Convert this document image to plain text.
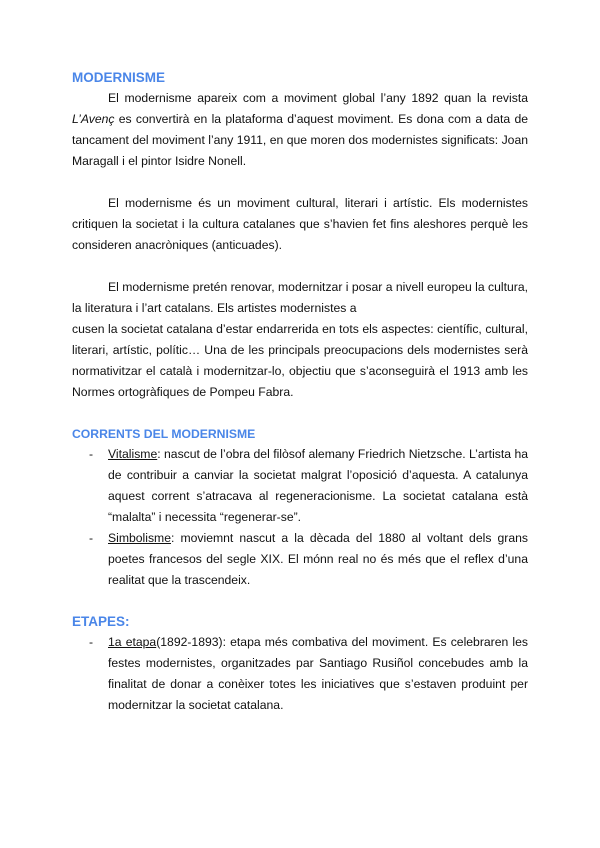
MODERNISME

El modernisme apareix com a moviment global l’any 1892 quan la revista L’Avenç es convertirà en la plataforma d’aquest moviment. Es dona com a data de tancament del moviment l’any 1911, en que moren dos modernistes significats: Joan Maragall i el pintor Isidre Nonell.

El modernisme és un moviment cultural, literari i artístic. Els modernistes critiquen la societat i la cultura catalanes que s’havien fet fins aleshores perquè les consideren anacròniques (anticuades).

El modernisme pretén renovar, modernitzar i posar a nivell europeu la cultura, la literatura i l’art catalans. Els artistes modernistes a

cusen la societat catalana d’estar endarrerida en tots els aspectes: científic, cultural, literari, artístic, polític… Una de les principals preocupacions dels modernistes serà normativitzar el català i modernitzar-lo, objectiu que s’aconseguirà el 1913 amb les Normes ortogràfiques de Pompeu Fabra.

CORRENTS DEL MODERNISME
- Vitalisme: nascut de l’obra del filòsof alemany Friedrich Nietzsche. L’artista ha de contribuir a canviar la societat malgrat l’oposició d’aquesta. A catalunya aquest corrent s’atracava al regeneracionisme. La societat catalana està “malalta” i necessita “regenerar-se”.
- Simbolisme: moviemnt nascut a la dècada del 1880 al voltant dels grans poetes francesos del segle XIX. El mónn real no és més que el reflex d’una realitat que la trascendeix.
ETAPES:
- 1a etapa(1892-1893): etapa més combativa del moviment. Es celebraren les festes modernistes, organitzades par Santiago Rusiñol concebudes amb la finalitat de donar a conèixer totes les iniciatives que s’estaven produint per modernitzar la societat catalana.
